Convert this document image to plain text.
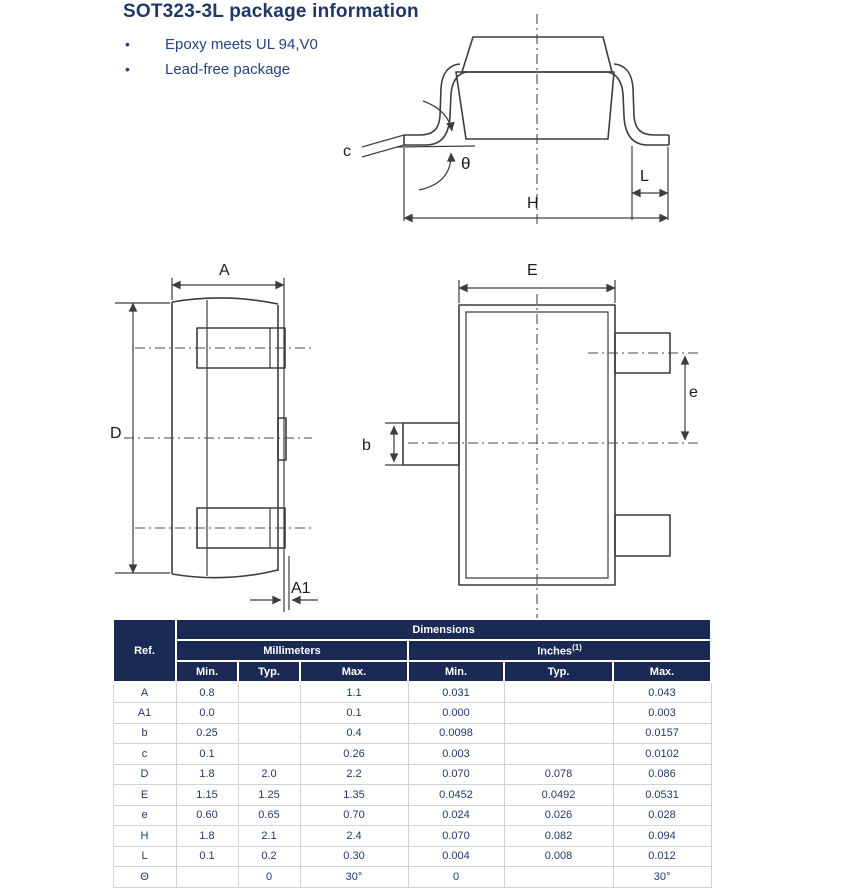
SOT323-3L package information
• Epoxy meets UL 94,V0
• Lead-free package
c
θ
H
L
A
D
A1
E
b
e
Ref.	Dimensions					
	Millimeters			Inches$^{(1)}$
	Min.	Typ.	Max.	Min.	Typ.	Max.
A	0.8		1.1	0.031		0.043
A1	0.0		0.1	0.000		0.003
b	0.25		0.4	0.0098		0.0157
c	0.1		0.26	0.003		0.0102
D	1.8	2.0	2.2	0.070	0.078	0.086
E	1.15	1.25	1.35	0.0452	0.0492	0.0531
e	0.60	0.65	0.70	0.024	0.026	0.028
H	1.8	2.1	2.4	0.070	0.082	0.094
L	0.1	0.2	0.30	0.004	0.008	0.012
Θ		0	30°	0		30°
